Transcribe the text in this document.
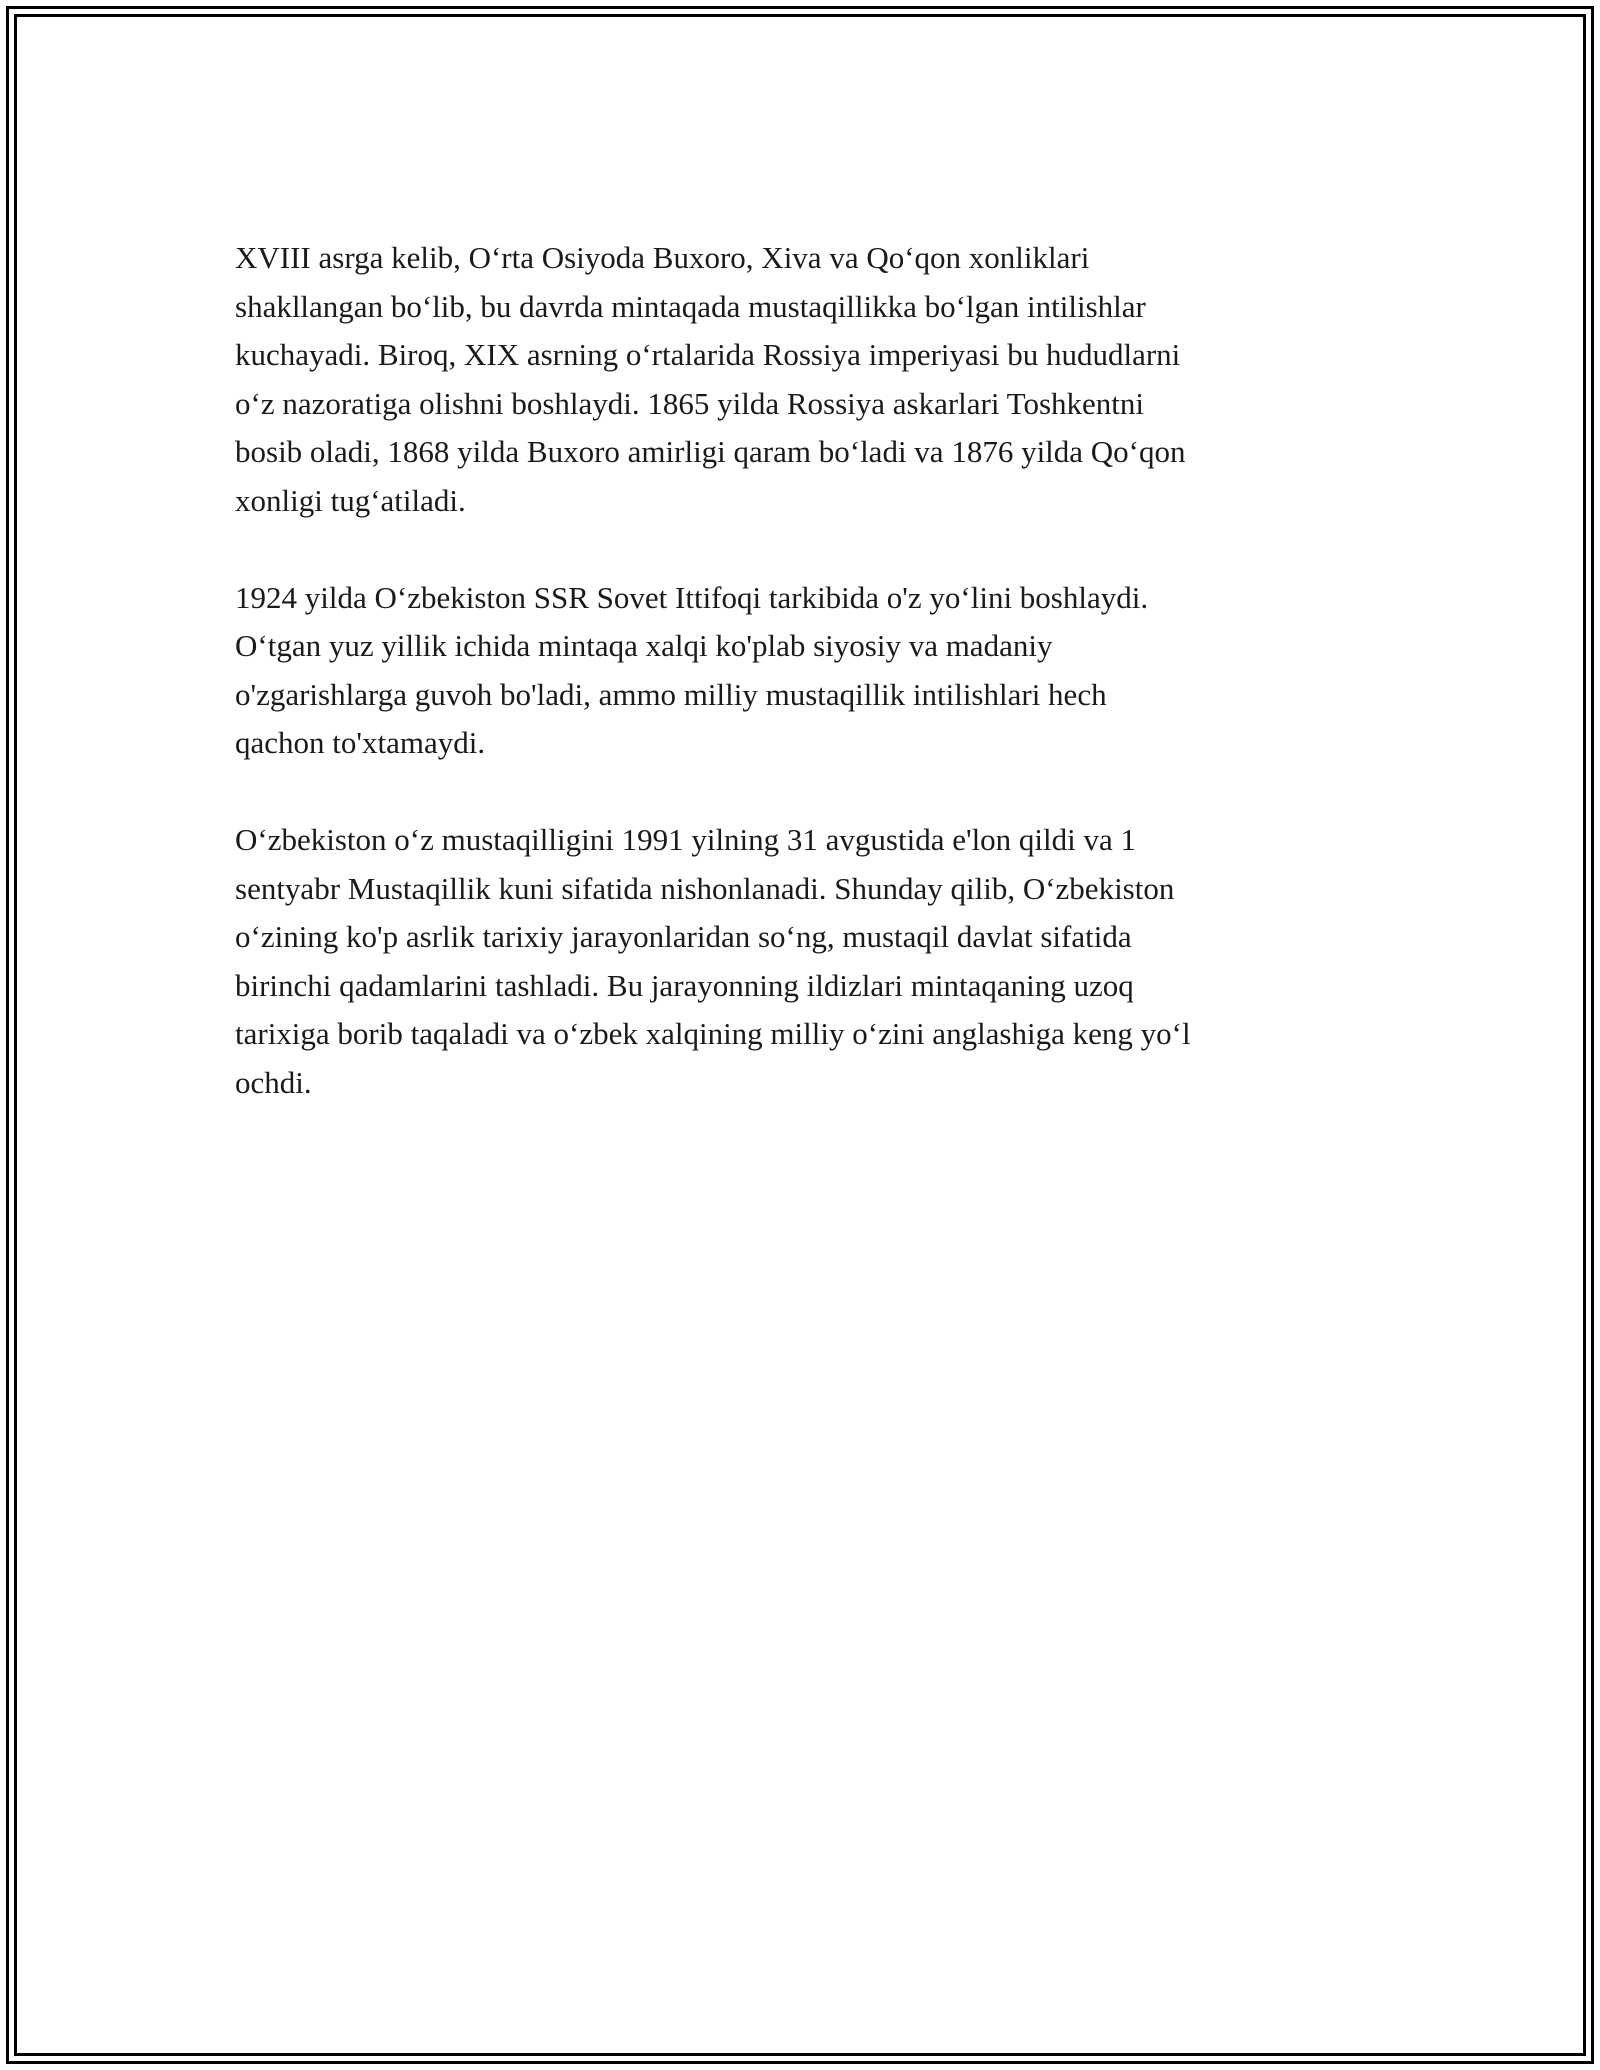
XVIII asrga kelib, O‘rta Osiyoda Buxoro, Xiva va Qo‘qon xonliklari
shakllangan bo‘lib, bu davrda mintaqada mustaqillikka bo‘lgan intilishlar
kuchayadi. Biroq, XIX asrning o‘rtalarida Rossiya imperiyasi bu hududlarni
o‘z nazoratiga olishni boshlaydi. 1865 yilda Rossiya askarlari Toshkentni
bosib oladi, 1868 yilda Buxoro amirligi qaram bo‘ladi va 1876 yilda Qo‘qon
xonligi tug‘atiladi.

1924 yilda O‘zbekiston SSR Sovet Ittifoqi tarkibida o'z yo‘lini boshlaydi.
O‘tgan yuz yillik ichida mintaqa xalqi ko'plab siyosiy va madaniy
o'zgarishlarga guvoh bo'ladi, ammo milliy mustaqillik intilishlari hech
qachon to'xtamaydi.

O‘zbekiston o‘z mustaqilligini 1991 yilning 31 avgustida e'lon qildi va 1
sentyabr Mustaqillik kuni sifatida nishonlanadi. Shunday qilib, O‘zbekiston
o‘zining ko'p asrlik tarixiy jarayonlaridan so‘ng, mustaqil davlat sifatida
birinchi qadamlarini tashladi. Bu jarayonning ildizlari mintaqaning uzoq
tarixiga borib taqaladi va o‘zbek xalqining milliy o‘zini anglashiga keng yo‘l
ochdi.
